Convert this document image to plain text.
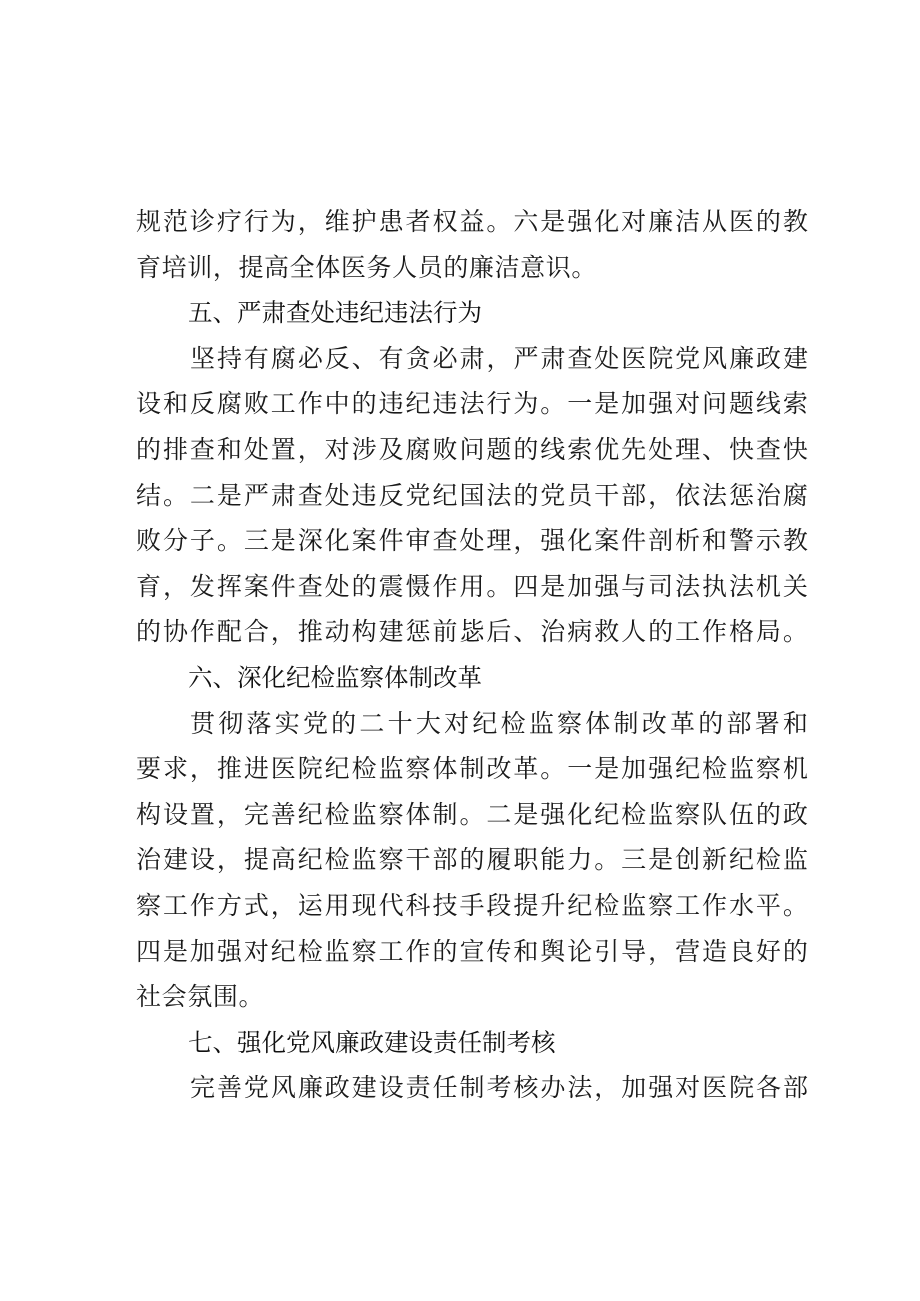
规 范 诊 疗 行 为 ， 维 护 患 者 权 益 。 六 是 强 化 对 廉 洁 从 医 的 教
育 培 训 ， 提 高 全 体 医 务 人 员 的 廉 洁 意 识 。
五 、 严 肃 查 处 违 纪 违 法 行 为
坚 持 有 腐 必 反 、 有 贪 必 肃 ， 严 肃 查 处 医 院 党 风 廉 政 建
设 和 反 腐 败 工 作 中 的 违 纪 违 法 行 为 。 一 是 加 强 对 问 题 线 索
的 排 查 和 处 置 ， 对 涉 及 腐 败 问 题 的 线 索 优 先 处 理 、 快 查 快
结 。 二 是 严 肃 查 处 违 反 党 纪 国 法 的 党 员 干 部 ， 依 法 惩 治 腐
败 分 子 。 三 是 深 化 案 件 审 查 处 理 ， 强 化 案 件 剖 析 和 警 示 教
育 ， 发 挥 案 件 查 处 的 震 慑 作 用 。 四 是 加 强 与 司 法 执 法 机 关
的 协 作 配 合 ， 推 动 构 建 惩 前 毖 后 、 治 病 救 人 的 工 作 格 局 。
六 、 深 化 纪 检 监 察 体 制 改 革
贯 彻 落 实 党 的 二 十 大 对 纪 检 监 察 体 制 改 革 的 部 署 和
要 求 ， 推 进 医 院 纪 检 监 察 体 制 改 革 。 一 是 加 强 纪 检 监 察 机
构 设 置 ， 完 善 纪 检 监 察 体 制 。 二 是 强 化 纪 检 监 察 队 伍 的 政
治 建 设 ， 提 高 纪 检 监 察 干 部 的 履 职 能 力 。 三 是 创 新 纪 检 监
察 工 作 方 式 ， 运 用 现 代 科 技 手 段 提 升 纪 检 监 察 工 作 水 平 。
四 是 加 强 对 纪 检 监 察 工 作 的 宣 传 和 舆 论 引 导 ， 营 造 良 好 的
社 会 氛 围 。
七 、 强 化 党 风 廉 政 建 设 责 任 制 考 核
完 善 党 风 廉 政 建 设 责 任 制 考 核 办 法 ， 加 强 对 医 院 各 部
